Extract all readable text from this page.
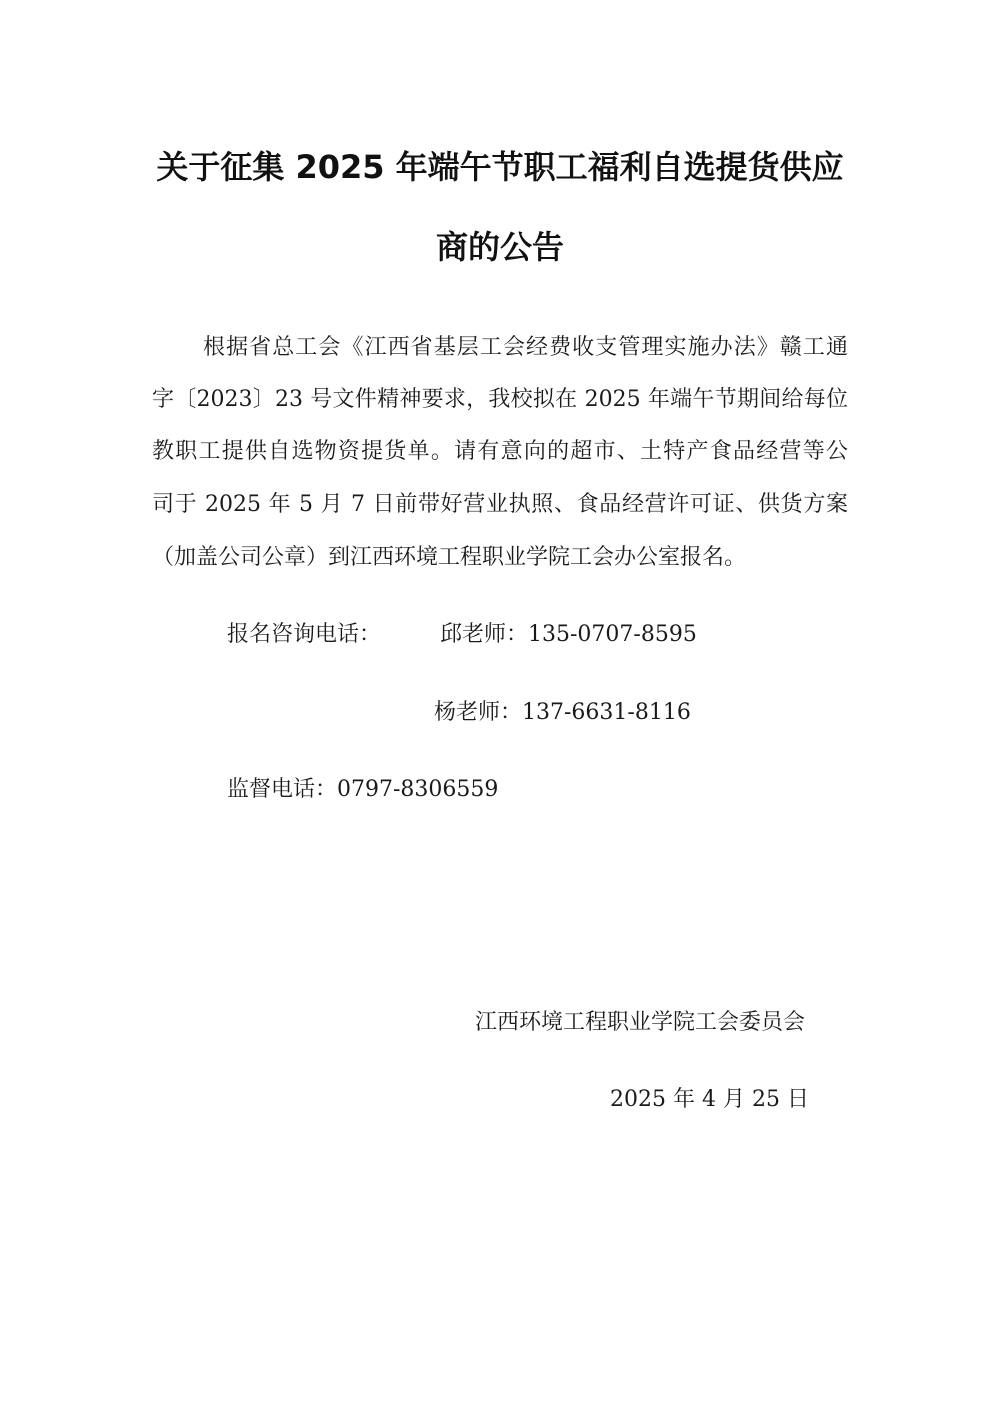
关于征集 2025 年端午节职工福利自选提货供应
商的公告
根据省总工会《江西省基层工会经费收支管理实施办法》赣工通
字〔2023〕23 号文件精神要求，我校拟在 2025 年端午节期间给每位
教职工提供自选物资提货单。请有意向的超市、土特产食品经营等公
司于 2025 年 5 月 7 日前带好营业执照、食品经营许可证、供货方案
（加盖公司公章）到江西环境工程职业学院工会办公室报名。
报名咨询电话：	邱老师：135-0707-8595
杨老师：137-6631-8116
监督电话：0797-8306559
江西环境工程职业学院工会委员会
2025 年 4 月 25 日
